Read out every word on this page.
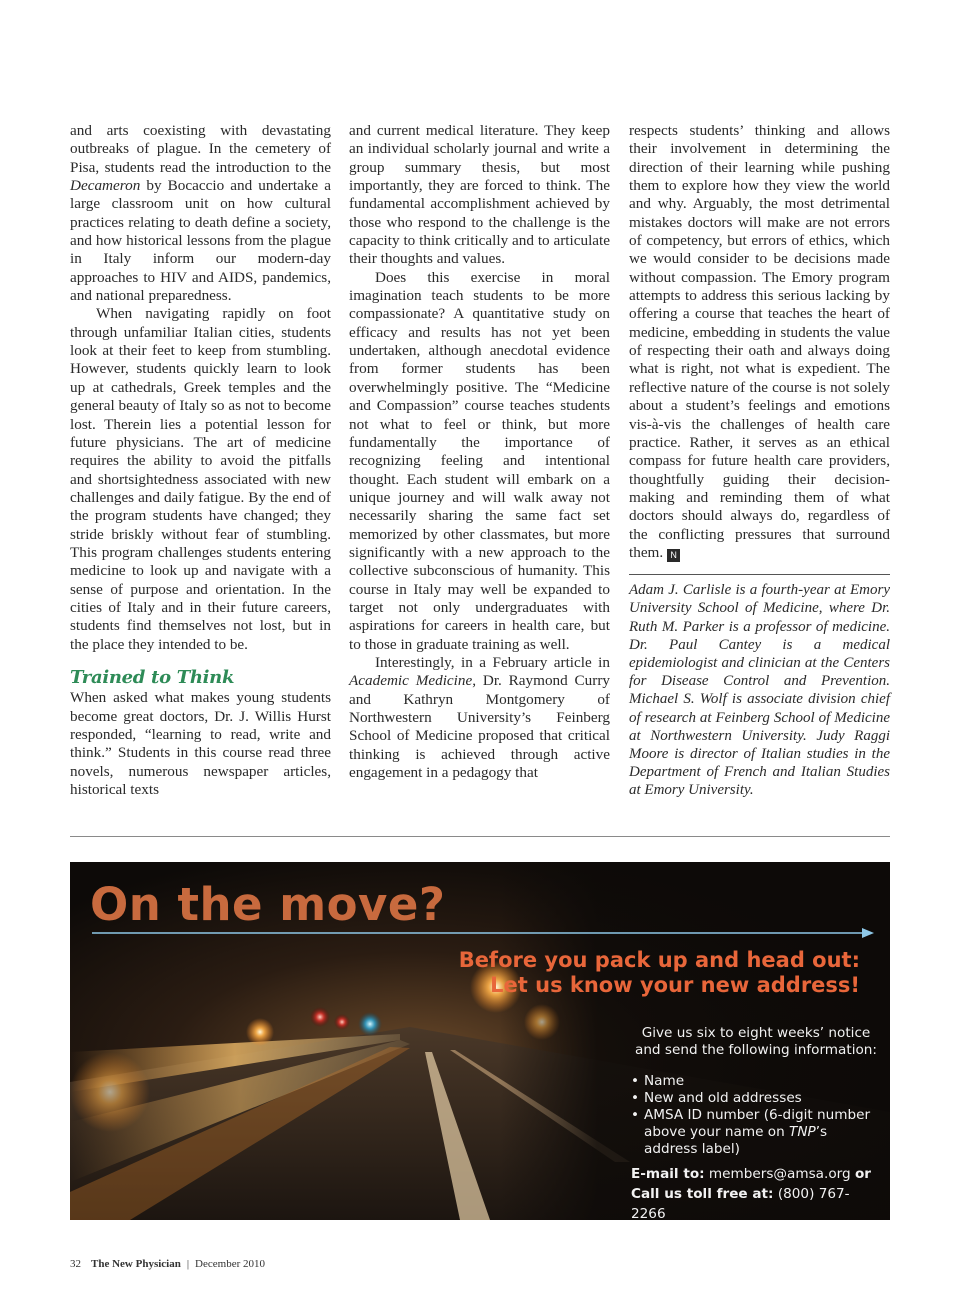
and arts coexisting with devastating outbreaks of plague. In the cemetery of Pisa, students read the introduction to the Decameron by Bocaccio and undertake a large classroom unit on how cultural practices relating to death define a society, and how historical lessons from the plague in Italy inform our modern-day approaches to HIV and AIDS, pandemics, and national preparedness.

When navigating rapidly on foot through unfamiliar Italian cities, students look at their feet to keep from stumbling. However, students quickly learn to look up at cathedrals, Greek temples and the general beauty of Italy so as not to become lost. Therein lies a potential lesson for future physicians. The art of medicine requires the ability to avoid the pitfalls and shortsightedness associated with new challenges and daily fatigue. By the end of the program students have changed; they stride briskly without fear of stumbling. This program challenges students entering medicine to look up and navigate with a sense of purpose and orientation. In the cities of Italy and in their future careers, students find themselves not lost, but in the place they intended to be.

Trained to Think

When asked what makes young students become great doctors, Dr. J. Willis Hurst responded, “learning to read, write and think.” Students in this course read three novels, numerous newspaper articles, historical texts

and current medical literature. They keep an individual scholarly journal and write a group summary thesis, but most importantly, they are forced to think. The fundamental accomplishment achieved by those who respond to the challenge is the capacity to think critically and to articulate their thoughts and values.

Does this exercise in moral imagination teach students to be more compassionate? A quantitative study on efficacy and results has not yet been undertaken, although anecdotal evidence from former students has been overwhelmingly positive. The “Medicine and Compassion” course teaches students not what to feel or think, but more fundamentally the importance of recognizing feeling and intentional thought. Each student will embark on a unique journey and will walk away not necessarily sharing the same fact set memorized by other classmates, but more significantly with a new approach to the collective subconscious of humanity. This course in Italy may well be expanded to target not only undergraduates with aspirations for careers in health care, but to those in graduate training as well.

Interestingly, in a February article in Academic Medicine, Dr. Raymond Curry and Kathryn Montgomery of Northwestern University’s Feinberg School of Medicine proposed that critical thinking is achieved through active engagement in a pedagogy that

respects students’ thinking and allows their involvement in determining the direction of their learning while pushing them to explore how they view the world and why. Arguably, the most detrimental mistakes doctors will make are not errors of competency, but errors of ethics, which we would consider to be decisions made without compassion. The Emory program attempts to address this serious lacking by offering a course that teaches the heart of medicine, embedding in students the value of respecting their oath and always doing what is right, not what is expedient. The reflective nature of the course is not solely about a student’s feelings and emotions vis-à-vis the challenges of health care practice. Rather, it serves as an ethical compass for future health care providers, thoughtfully guiding their decision-making and reminding them of what doctors should always do, regardless of the conflicting pressures that surround them. N

Adam J. Carlisle is a fourth-year at Emory University School of Medicine, where Dr. Ruth M. Parker is a professor of medicine. Dr. Paul Cantey is a medical epidemiologist and clinician at the Centers for Disease Control and Prevention. Michael S. Wolf is associate division chief of research at Feinberg School of Medicine at Northwestern University. Judy Raggi Moore is director of Italian studies in the Department of French and Italian Studies at Emory University.

On the move?
Before you pack up and head out:
Let us know your new address!

Give us six to eight weeks’ notice and send the following information:

• Name
• New and old addresses
• AMSA ID number (6-digit number above your name on TNP’s address label)
E-mail to: members@amsa.org or
Call us toll free at: (800) 767-2266
32 The New Physician | December 2010
